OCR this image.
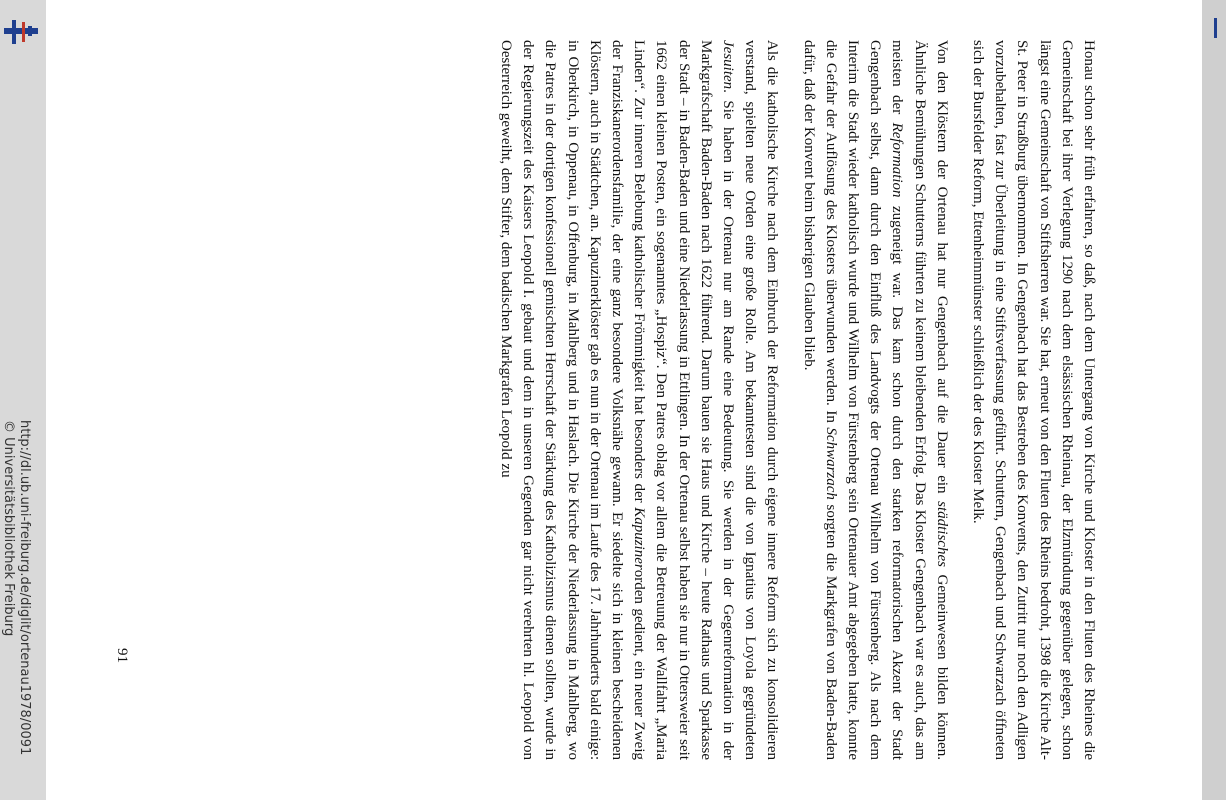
http://dl.ub.uni-freiburg.de/diglit/ortenau1978/0091
© Universitätsbibliothek Freiburg	Honau schon sehr früh erfahren, so daß, nach dem Untergang von Kirche und Kloster in den Fluten des Rheines die Gemeinschaft bei ihrer Verlegung 1290 nach dem elsässischen Rheinau, der Elzmündung gegenüber gelegen, schon längst eine Gemeinschaft von Stiftsherren war. Sie hat, erneut von den Fluten des Rheins bedroht, 1398 die Kirche Alt-St. Peter in Straßburg übernommen. In Gengenbach hat das Bestreben des Konvents, den Zutritt nur noch den Adligen vorzubehalten, fast zur Überleitung in eine Stiftsverfassung geführt. Schuttern, Gengenbach und Schwarzach öffneten sich der Bursfelder Reform, Ettenheimmünster schließlich der des Kloster Melk.

Von den Klöstern der Ortenau hat nur Gengenbach auf die Dauer ein städtisches Gemeinwesen bilden können. Ähnliche Bemühungen Schutterns führten zu keinem bleibenden Erfolg. Das Kloster Gengenbach war es auch, das am meisten der Reformation zugeneigt war. Das kam schon durch den starken reformatorischen Akzent der Stadt Gengenbach selbst, dann durch den Einfluß des Landvogts der Ortenau Wilhelm von Fürstenberg. Als nach dem Interim die Stadt wieder katholisch wurde und Wilhelm von Fürstenberg sein Ortenauer Amt abgegeben hatte, konnte die Gefahr der Auflösung des Klosters überwunden werden. In Schwarzach sorgten die Markgrafen von Baden-Baden dafür, daß der Konvent beim bisherigen Glauben blieb.

Als die katholische Kirche nach dem Einbruch der Reformation durch eigene innere Reform sich zu konsolidieren verstand, spielten neue Orden eine große Rolle. Am bekanntesten sind die von Ignatius von Loyola gegründeten Jesuiten. Sie haben in der Ortenau nur am Rande eine Bedeutung. Sie werden in der Gegenreformation in der Markgrafschaft Baden-Baden nach 1622 führend. Darum bauen sie Haus und Kirche – heute Rathaus und Sparkasse der Stadt – in Baden-Baden und eine Niederlassung in Ettlingen. In der Ortenau selbst haben sie nur in Ottersweier seit 1662 einen kleinen Posten, ein sogenanntes „Hospiz“. Den Patres oblag vor allem die Betreuung der Wallfahrt „Maria Linden“. Zur inneren Belebung katholischer Frömmigkeit hat besonders der Kapuzinerorden gedient, ein neuer Zweig der Franziskanerordensfamilie, der eine ganz besondere Volksnähe gewann. Er siedelte sich in kleinen bescheidenen Klöstern, auch in Städtchen, an. Kapuzinerklöster gab es nun in der Ortenau im Laufe des 17. Jahrhunderts bald einige: in Oberkirch, in Oppenau, in Offenburg, in Mahlberg und in Haslach. Die Kirche der Niederlassung in Mahlberg, wo die Patres in der dortigen konfessionell gemischten Herrschaft der Stärkung des Katholizismus dienen sollten, wurde in der Regierungszeit des Kaisers Leopold I. gebaut und dem in unseren Gegenden gar nicht verehrten hl. Leopold von Oesterreich geweiht, dem Stifter, dem badischen Markgrafen Leopold zu

91
